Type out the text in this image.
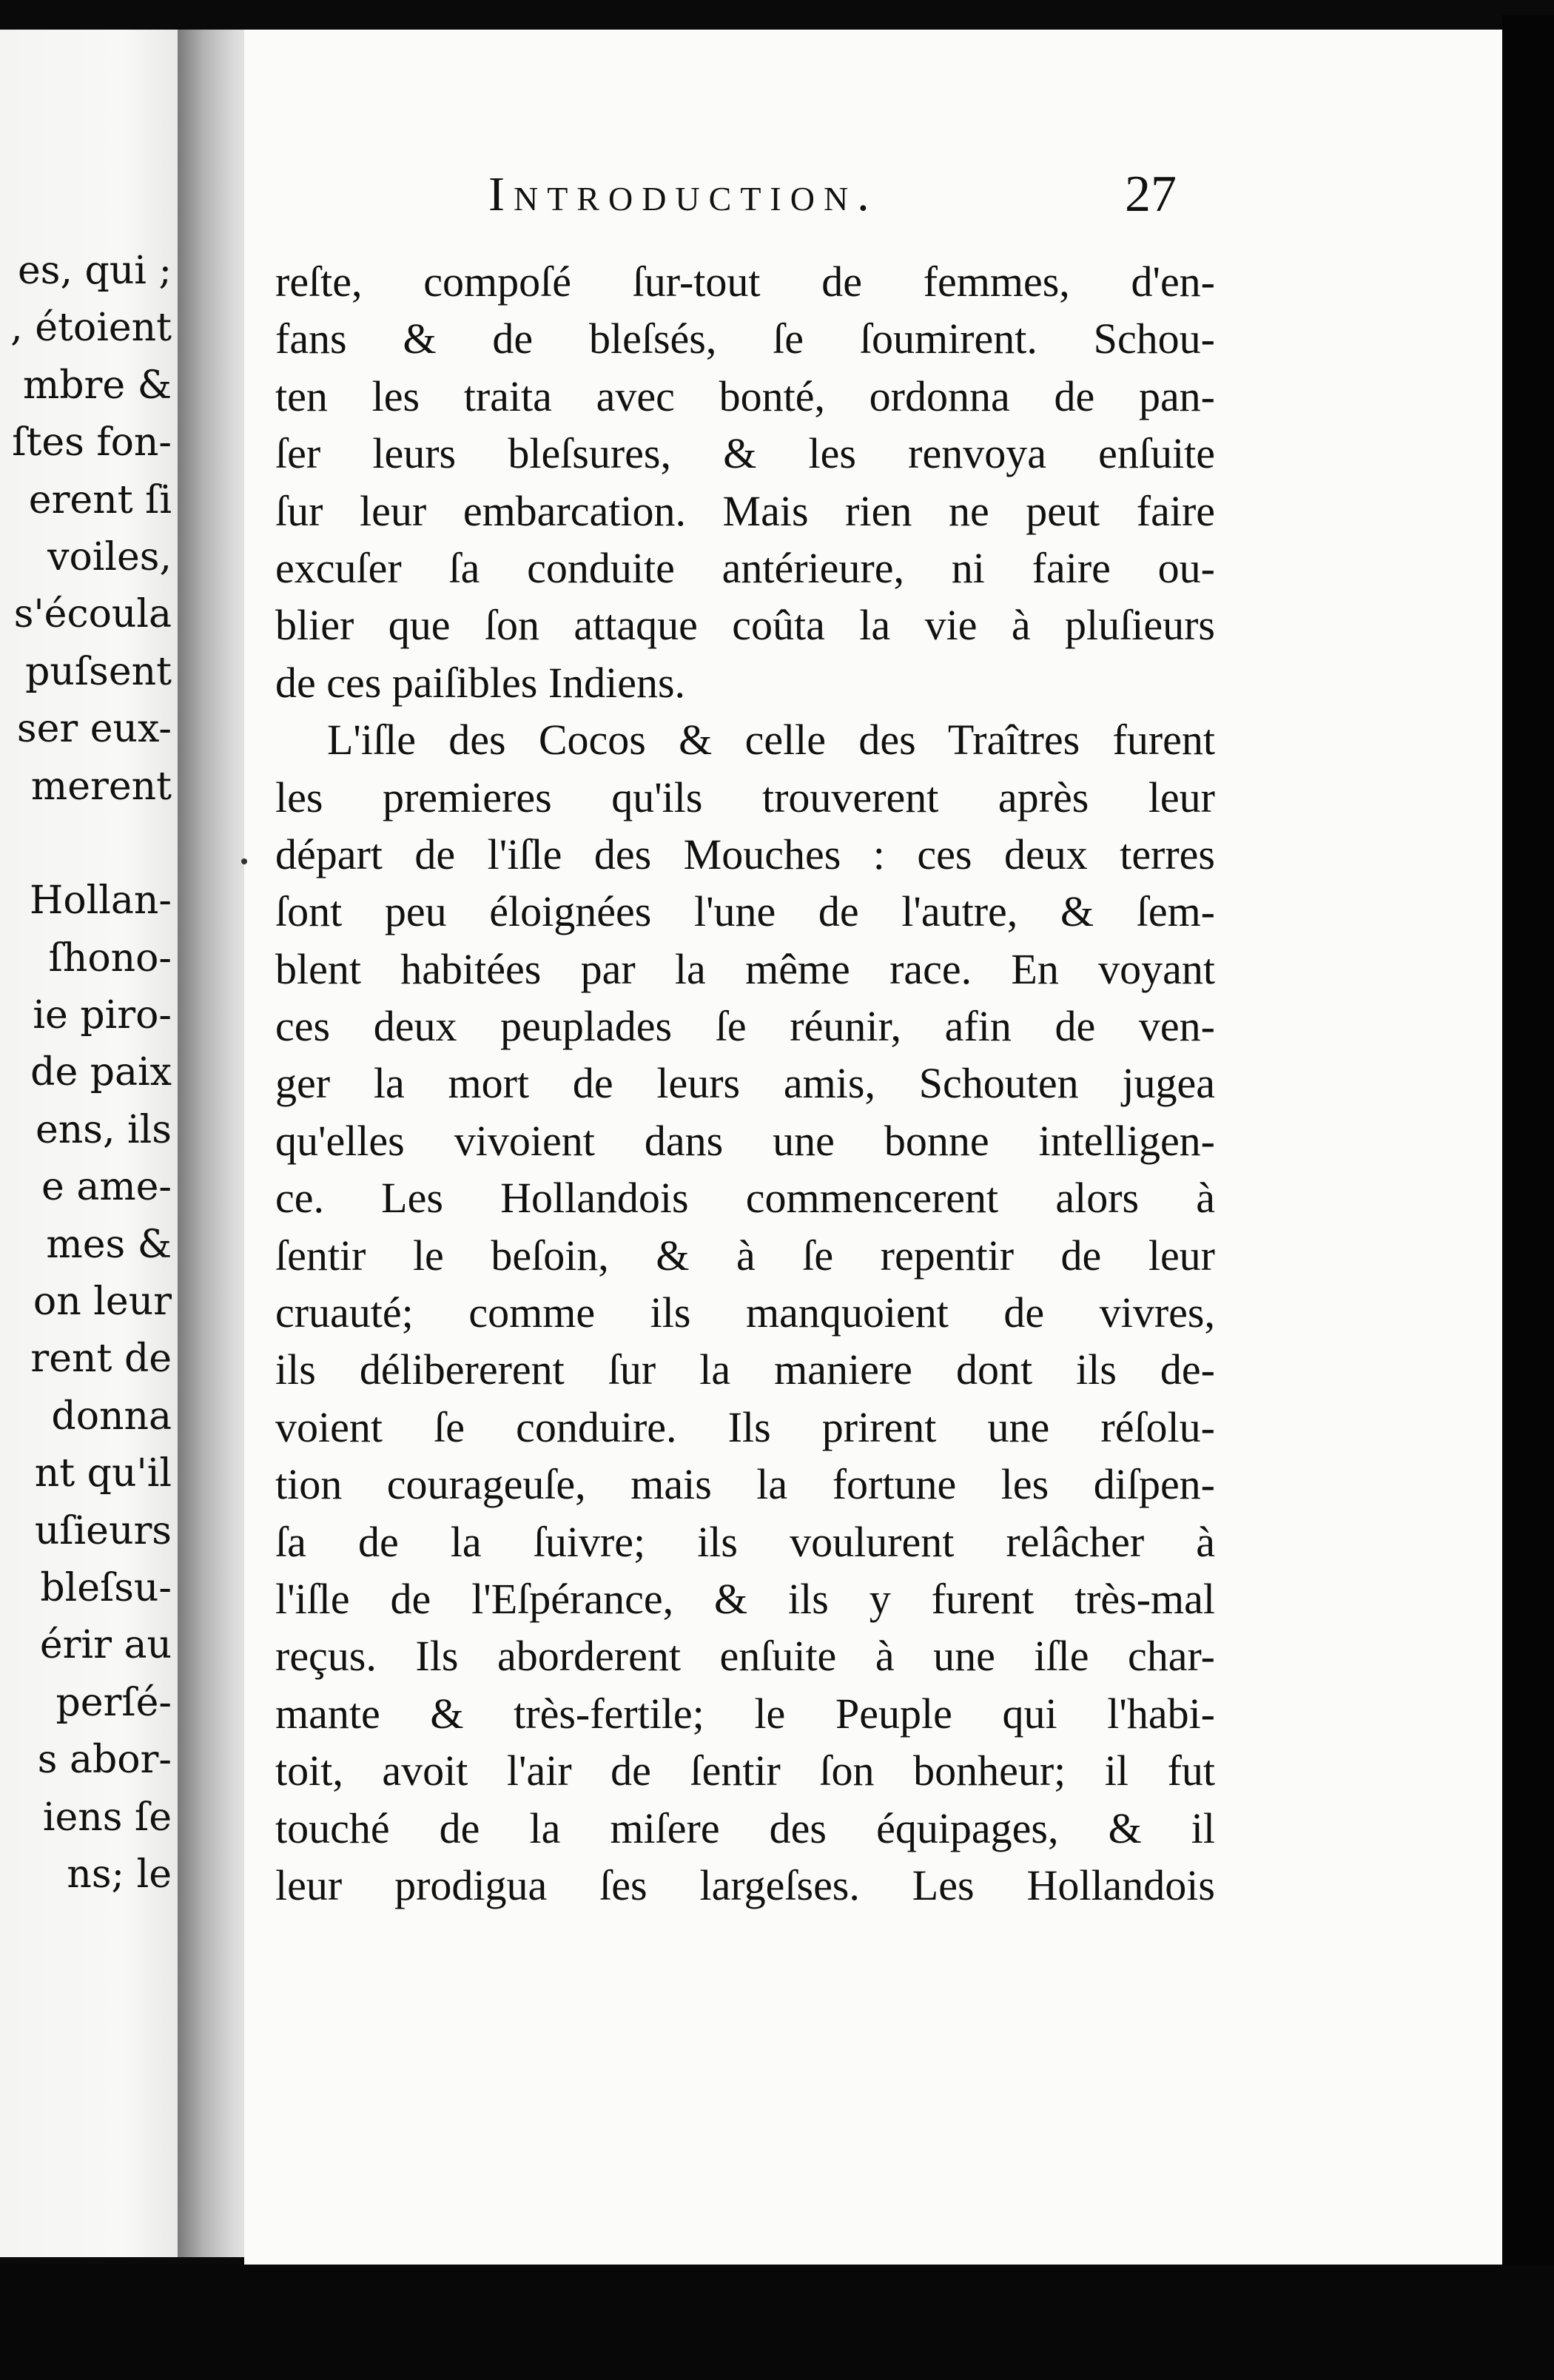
es, qui ;
, étoient
mbre &
ſtes fon-
erent ſi
voiles,
s'écoula
puſsent
ser eux-
merent
Hollan-
ſhono-
ie piro-
de paix
ens, ils
e ame-
mes &
on leur
rent de
donna
nt qu'il
uſieurs
bleſsu-
érir au
perſé-
s abor-
iens ſe
ns; le
Introduction.	27
reſte, compoſé ſur-tout de femmes, d'en-
fans & de bleſsés, ſe ſoumirent. Schou-
ten les traita avec bonté, ordonna de pan-
ſer leurs bleſsures, & les renvoya enſuite
ſur leur embarcation. Mais rien ne peut faire
excuſer ſa conduite antérieure, ni faire ou-
blier que ſon attaque coûta la vie à pluſieurs
de ces paiſibles Indiens.
L'iſle des Cocos & celle des Traîtres furent
les premieres qu'ils trouverent après leur
départ de l'iſle des Mouches : ces deux terres
ſont peu éloignées l'une de l'autre, & ſem-
blent habitées par la même race. En voyant
ces deux peuplades ſe réunir, afin de ven-
ger la mort de leurs amis, Schouten jugea
qu'elles vivoient dans une bonne intelligen-
ce. Les Hollandois commencerent alors à
ſentir le beſoin, & à ſe repentir de leur
cruauté; comme ils manquoient de vivres,
ils délibererent ſur la maniere dont ils de-
voient ſe conduire. Ils prirent une réſolu-
tion courageuſe, mais la fortune les diſpen-
ſa de la ſuivre; ils voulurent relâcher à
l'iſle de l'Eſpérance, & ils y furent très-mal
reçus. Ils aborderent enſuite à une iſle char-
mante & très-fertile; le Peuple qui l'habi-
toit, avoit l'air de ſentir ſon bonheur; il fut
touché de la miſere des équipages, & il
leur prodigua ſes largeſses. Les Hollandois
